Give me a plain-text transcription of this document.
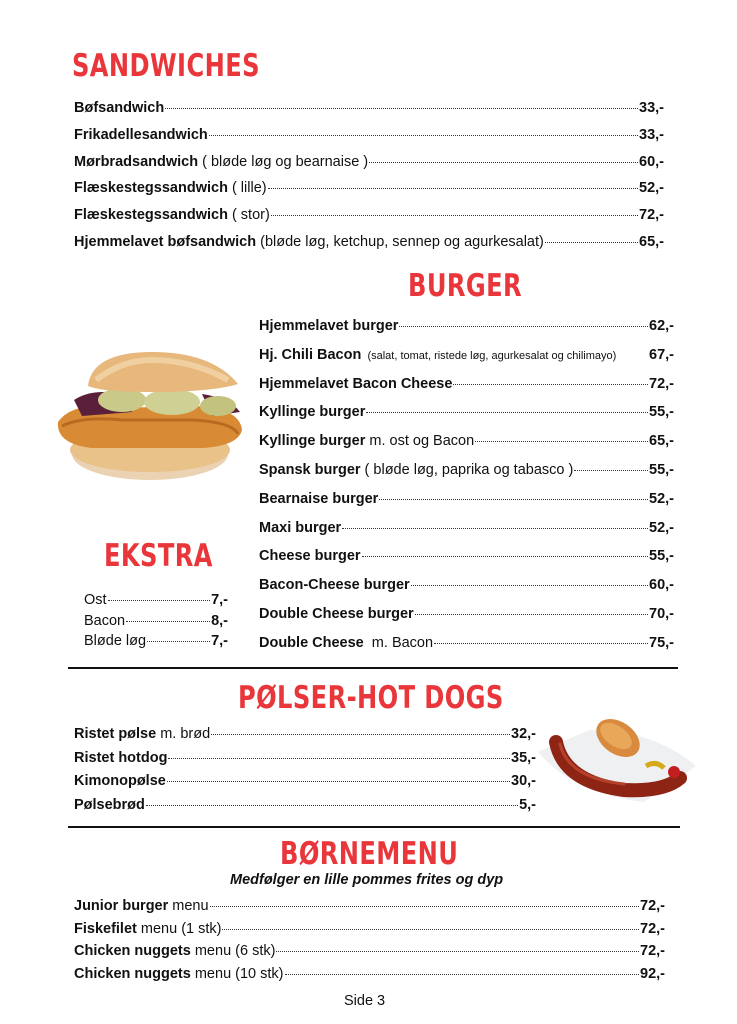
SANDWICHES
Bøfsandwich	33,-
Frikadellesandwich	33,-
Mørbradsandwich ( bløde løg og bearnaise )	60,-
Flæskestegssandwich ( lille)	52,-
Flæskestegssandwich ( stor)	72,-
Hjemmelavet bøfsandwich (bløde løg, ketchup, sennep og agurkesalat)	65,-
BURGER
Hjemmelavet burger	62,-
Hj. Chili Bacon (salat, tomat, ristede løg, agurkesalat og chilimayo) 67,-
Hjemmelavet Bacon Cheese	72,-
Kyllinge burger	55,-
Kyllinge burger m. ost og Bacon	65,-
Spansk burger ( bløde løg, paprika og tabasco )	55,-
Bearnaise burger	52,-
Maxi burger	52,-
Cheese burger	55,-
Bacon-Cheese burger	60,-
Double Cheese burger	70,-
Double Cheese m. Bacon	75,-
EKSTRA
Ost	7,-
Bacon	8,-
Bløde løg	7,-
PØLSER-HOT DOGS
Ristet pølse m. brød	32,-
Ristet hotdog	35,-
Kimonopølse	30,-
Pølsebrød	5,-
BØRNEMENU
Medfølger en lille pommes frites og dyp
Junior burger menu	72,-
Fiskefilet menu (1 stk)	72,-
Chicken nuggets menu (6 stk)	72,-
Chicken nuggets menu (10 stk)	92,-
Side 3
